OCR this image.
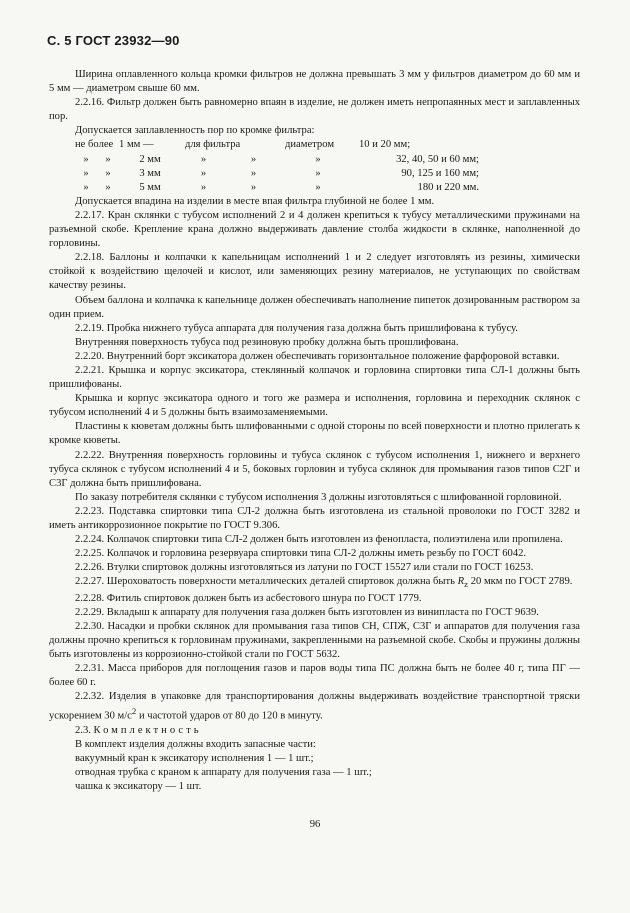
С. 5 ГОСТ 23932—90

Ширина оплавленного кольца кромки фильтров не должна превышать 3 мм у фильтров диаметром до 60 мм и 5 мм — диаметром свыше 60 мм.

2.2.16. Фильтр должен быть равномерно впаян в изделие, не должен иметь непропаянных мест и заплавленных пор.

Допускается заплавленность пор по кромке фильтра:

не более		1 мм —	для фильтра		диаметром	10 и 20 мм;
»	»	2 мм	»	»	»	32, 40, 50 и 60 мм;
»	»	3 мм	»	»	»	90, 125 и 160 мм;
»	»	5 мм	»	»	»	180 и 220 мм.

Допускается впадина на изделии в месте впая фильтра глубиной не более 1 мм.

2.2.17. Кран склянки с тубусом исполнений 2 и 4 должен крепиться к тубусу металлическими пружинами на разъемной скобе. Крепление крана должно выдерживать давление столба жидкости в склянке, наполненной до горловины.

2.2.18. Баллоны и колпачки к капельницам исполнений 1 и 2 следует изготовлять из резины, химически стойкой к воздействию щелочей и кислот, или заменяющих резину материалов, не уступающих по свойствам качеству резины.

Объем баллона и колпачка к капельнице должен обеспечивать наполнение пипеток дозированным раствором за один прием.

2.2.19. Пробка нижнего тубуса аппарата для получения газа должна быть пришлифована к тубусу.

Внутренняя поверхность тубуса под резиновую пробку должна быть прошлифована.

2.2.20. Внутренний борт эксикатора должен обеспечивать горизонтальное положение фарфоровой вставки.

2.2.21. Крышка и корпус эксикатора, стеклянный колпачок и горловина спиртовки типа СЛ-1 должны быть пришлифованы.

Крышка и корпус эксикатора одного и того же размера и исполнения, горловина и переходник склянок с тубусом исполнений 4 и 5 должны быть взаимозаменяемыми.

Пластины к кюветам должны быть шлифованными с одной стороны по всей поверхности и плотно прилегать к кромке кюветы.

2.2.22. Внутренняя поверхность горловины и тубуса склянок с тубусом исполнения 1, нижнего и верхнего тубуса склянок с тубусом исполнений 4 и 5, боковых горловин и тубуса склянок для промывания газов типов С2Г и С3Г должна быть пришлифована.

По заказу потребителя склянки с тубусом исполнения 3 должны изготовляться с шлифованной горловиной.

2.2.23. Подставка спиртовки типа СЛ-2 должна быть изготовлена из стальной проволоки по ГОСТ 3282 и иметь антикоррозионное покрытие по ГОСТ 9.306.

2.2.24. Колпачок спиртовки типа СЛ-2 должен быть изготовлен из фенопласта, полиэтилена или пропилена.

2.2.25. Колпачок и горловина резервуара спиртовки типа СЛ-2 должны иметь резьбу по ГОСТ 6042.

2.2.26. Втулки спиртовок должны изготовляться из латуни по ГОСТ 15527 или стали по ГОСТ 16253.

2.2.27. Шероховатость поверхности металлических деталей спиртовок должна быть $R_z$ 20 мкм по ГОСТ 2789.

2.2.28. Фитиль спиртовок должен быть из асбестового шнура по ГОСТ 1779.

2.2.29. Вкладыш к аппарату для получения газа должен быть изготовлен из винипласта по ГОСТ 9639.

2.2.30. Насадки и пробки склянок для промывания газа типов СН, СПЖ, С3Г и аппаратов для получения газа должны прочно крепиться к горловинам пружинами, закрепленными на разъемной скобе. Скобы и пружины должны быть изготовлены из коррозионно-стойкой стали по ГОСТ 5632.

2.2.31. Масса приборов для поглощения газов и паров воды типа ПС должна быть не более 40 г, типа ПГ — более 60 г.

2.2.32. Изделия в упаковке для транспортирования должны выдерживать воздействие транспортной тряски ускорением 30 $м/с^2$ и частотой ударов от 80 до 120 в минуту.

2.3. Комплектность

В комплект изделия должны входить запасные части:

вакуумный кран к эксикатору исполнения 1 — 1 шт.;

отводная трубка с краном к аппарату для получения газа — 1 шт.;

чашка к эксикатору — 1 шт.

96
